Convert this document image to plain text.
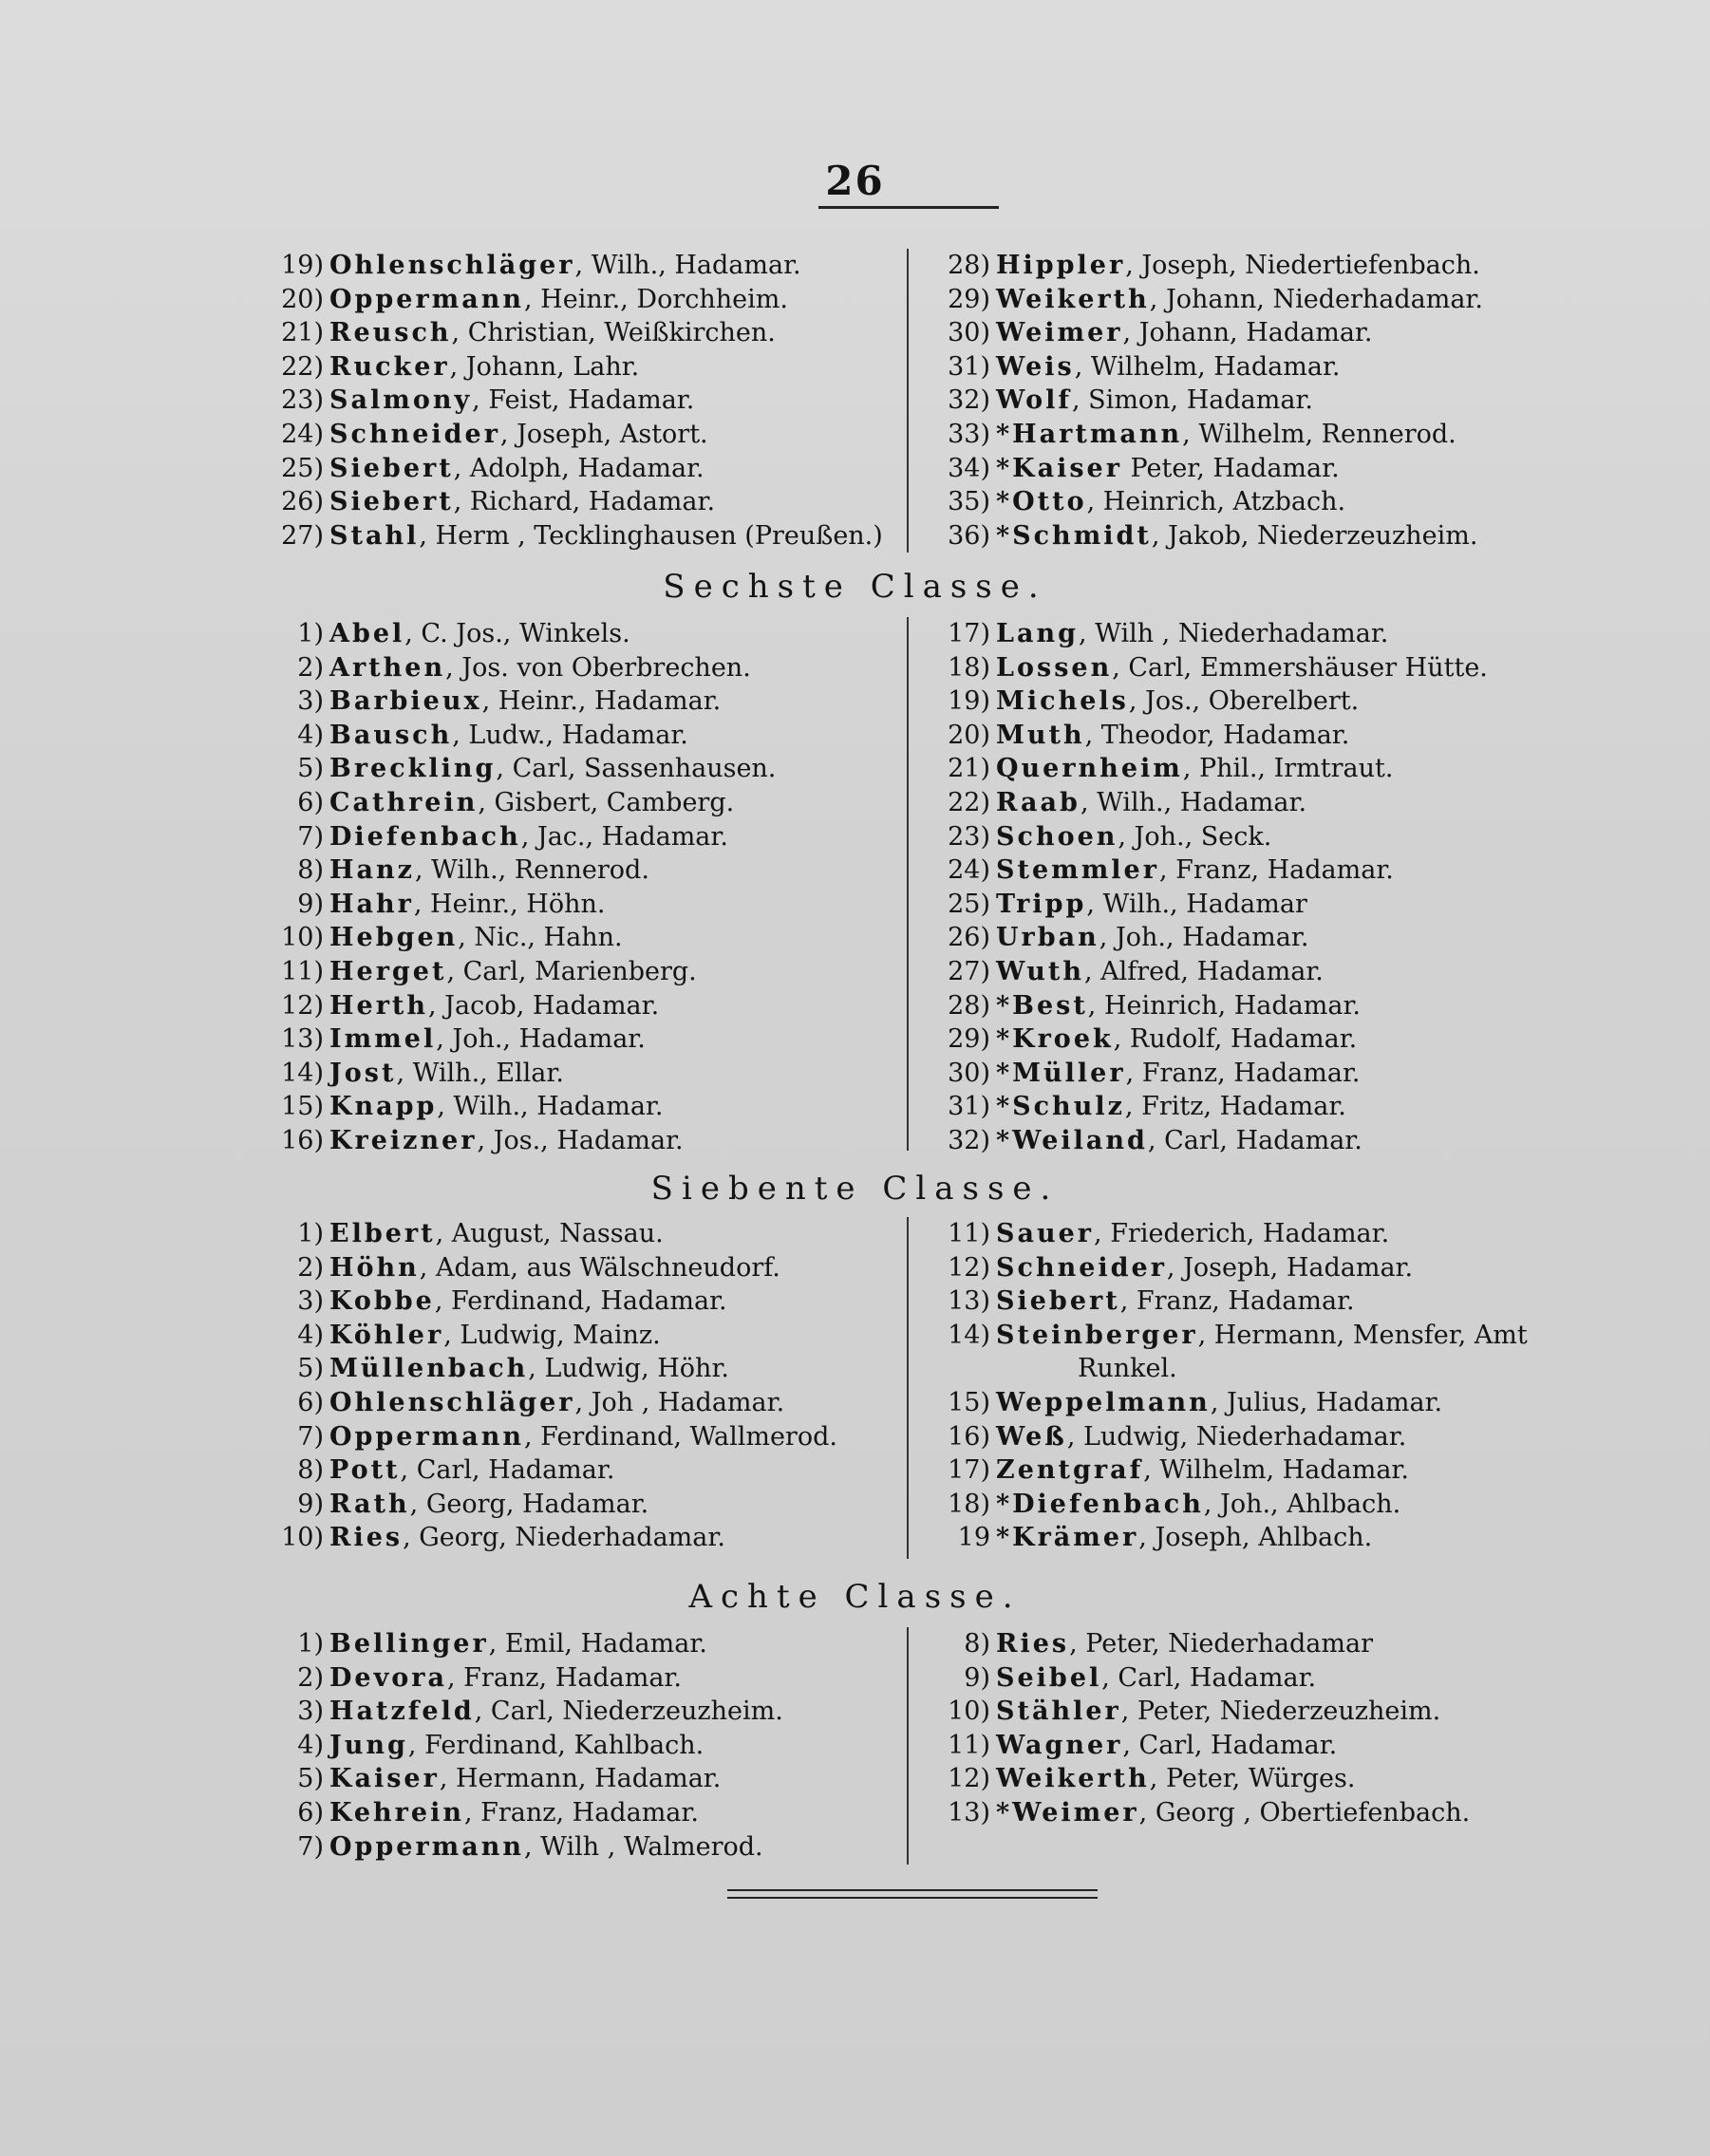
26
19) Ohlenschläger, Wilh., Hadamar.
20) Oppermann, Heinr., Dorchheim.
21) Reusch, Christian, Weißkirchen.
22) Rucker, Johann, Lahr.
23) Salmony, Feist, Hadamar.
24) Schneider, Joseph, Astort.
25) Siebert, Adolph, Hadamar.
26) Siebert, Richard, Hadamar.
27) Stahl, Herm , Tecklinghausen (Preußen.)
28) Hippler, Joseph, Niedertiefenbach.
29) Weikerth, Johann, Niederhadamar.
30) Weimer, Johann, Hadamar.
31) Weis, Wilhelm, Hadamar.
32) Wolf, Simon, Hadamar.
33) *Hartmann, Wilhelm, Rennerod.
34) *Kaiser Peter, Hadamar.
35) *Otto, Heinrich, Atzbach.
36) *Schmidt, Jakob, Niederzeuzheim.
Sechste Classe.
1) Abel, C. Jos., Winkels.
2) Arthen, Jos. von Oberbrechen.
3) Barbieux, Heinr., Hadamar.
4) Bausch, Ludw., Hadamar.
5) Breckling, Carl, Sassenhausen.
6) Cathrein, Gisbert, Camberg.
7) Diefenbach, Jac., Hadamar.
8) Hanz, Wilh., Rennerod.
9) Hahr, Heinr., Höhn.
10) Hebgen, Nic., Hahn.
11) Herget, Carl, Marienberg.
12) Herth, Jacob, Hadamar.
13) Immel, Joh., Hadamar.
14) Jost, Wilh., Ellar.
15) Knapp, Wilh., Hadamar.
16) Kreizner, Jos., Hadamar.
17) Lang, Wilh , Niederhadamar.
18) Lossen, Carl, Emmershäuser Hütte.
19) Michels, Jos., Oberelbert.
20) Muth, Theodor, Hadamar.
21) Quernheim, Phil., Irmtraut.
22) Raab, Wilh., Hadamar.
23) Schoen, Joh., Seck.
24) Stemmler, Franz, Hadamar.
25) Tripp, Wilh., Hadamar
26) Urban, Joh., Hadamar.
27) Wuth, Alfred, Hadamar.
28) *Best, Heinrich, Hadamar.
29) *Kroek, Rudolf, Hadamar.
30) *Müller, Franz, Hadamar.
31) *Schulz, Fritz, Hadamar.
32) *Weiland, Carl, Hadamar.
Siebente Classe.
1) Elbert, August, Nassau.
2) Höhn, Adam, aus Wälschneudorf.
3) Kobbe, Ferdinand, Hadamar.
4) Köhler, Ludwig, Mainz.
5) Müllenbach, Ludwig, Höhr.
6) Ohlenschläger, Joh , Hadamar.
7) Oppermann, Ferdinand, Wallmerod.
8) Pott, Carl, Hadamar.
9) Rath, Georg, Hadamar.
10) Ries, Georg, Niederhadamar.
11) Sauer, Friederich, Hadamar.
12) Schneider, Joseph, Hadamar.
13) Siebert, Franz, Hadamar.
14) Steinberger, Hermann, Mensfer, Amt
Runkel.
15) Weppelmann, Julius, Hadamar.
16) Weß, Ludwig, Niederhadamar.
17) Zentgraf, Wilhelm, Hadamar.
18) *Diefenbach, Joh., Ahlbach.
19 *Krämer, Joseph, Ahlbach.
Achte Classe.
1) Bellinger, Emil, Hadamar.
2) Devora, Franz, Hadamar.
3) Hatzfeld, Carl, Niederzeuzheim.
4) Jung, Ferdinand, Kahlbach.
5) Kaiser, Hermann, Hadamar.
6) Kehrein, Franz, Hadamar.
7) Oppermann, Wilh , Walmerod.
8) Ries, Peter, Niederhadamar
9) Seibel, Carl, Hadamar.
10) Stähler, Peter, Niederzeuzheim.
11) Wagner, Carl, Hadamar.
12) Weikerth, Peter, Würges.
13) *Weimer, Georg , Obertiefenbach.
